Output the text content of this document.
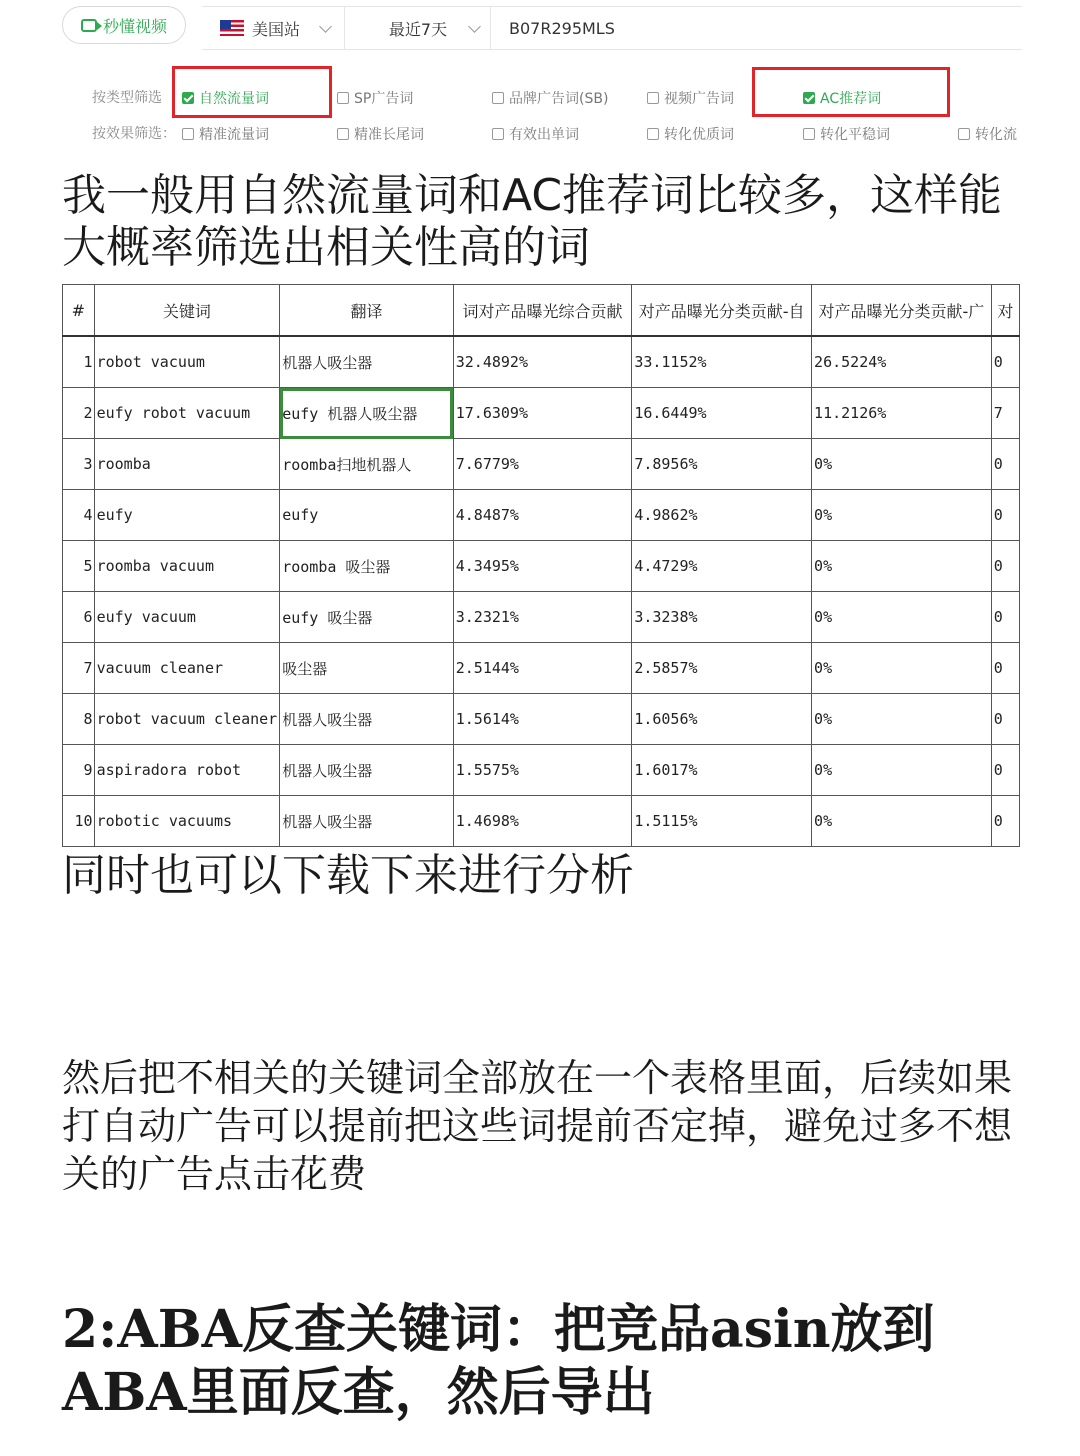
秒懂视频	美国站	最近7天	B07R295MLS
按类型筛选	自然流量词	SP广告词	品牌广告词(SB)	视频广告词	AC推荐词
按效果筛选： 精准流量词	精准长尾词	有效出单词	转化优质词	转化平稳词	转化流

我一般用自然流量词和AC推荐词比较多，这样能大概率筛选出相关性高的词

#	关键词	翻译	词对产品曝光综合贡献	对产品曝光分类贡献-自	对产品曝光分类贡献-广	对
1	robot vacuum	机器人吸尘器	32.4892%	33.1152%	26.5224%	0
2	eufy robot vacuum	eufy 机器人吸尘器	17.6309%	16.6449%	11.2126%	7
3	roomba	roomba扫地机器人	7.6779%	7.8956%	0%	0
4	eufy	eufy	4.8487%	4.9862%	0%	0
5	roomba vacuum	roomba 吸尘器	4.3495%	4.4729%	0%	0
6	eufy vacuum	eufy 吸尘器	3.2321%	3.3238%	0%	0
7	vacuum cleaner	吸尘器	2.5144%	2.5857%	0%	0
8	robot vacuum cleaner	机器人吸尘器	1.5614%	1.6056%	0%	0
9	aspiradora robot	机器人吸尘器	1.5575%	1.6017%	0%	0
10	robotic vacuums	机器人吸尘器	1.4698%	1.5115%	0%	0

同时也可以下载下来进行分析

然后把不相关的关键词全部放在一个表格里面，后续如果打自动广告可以提前把这些词提前否定掉，避免过多不想关的广告点击花费

2:ABA反查关键词：把竞品asin放到ABA里面反查，然后导出
